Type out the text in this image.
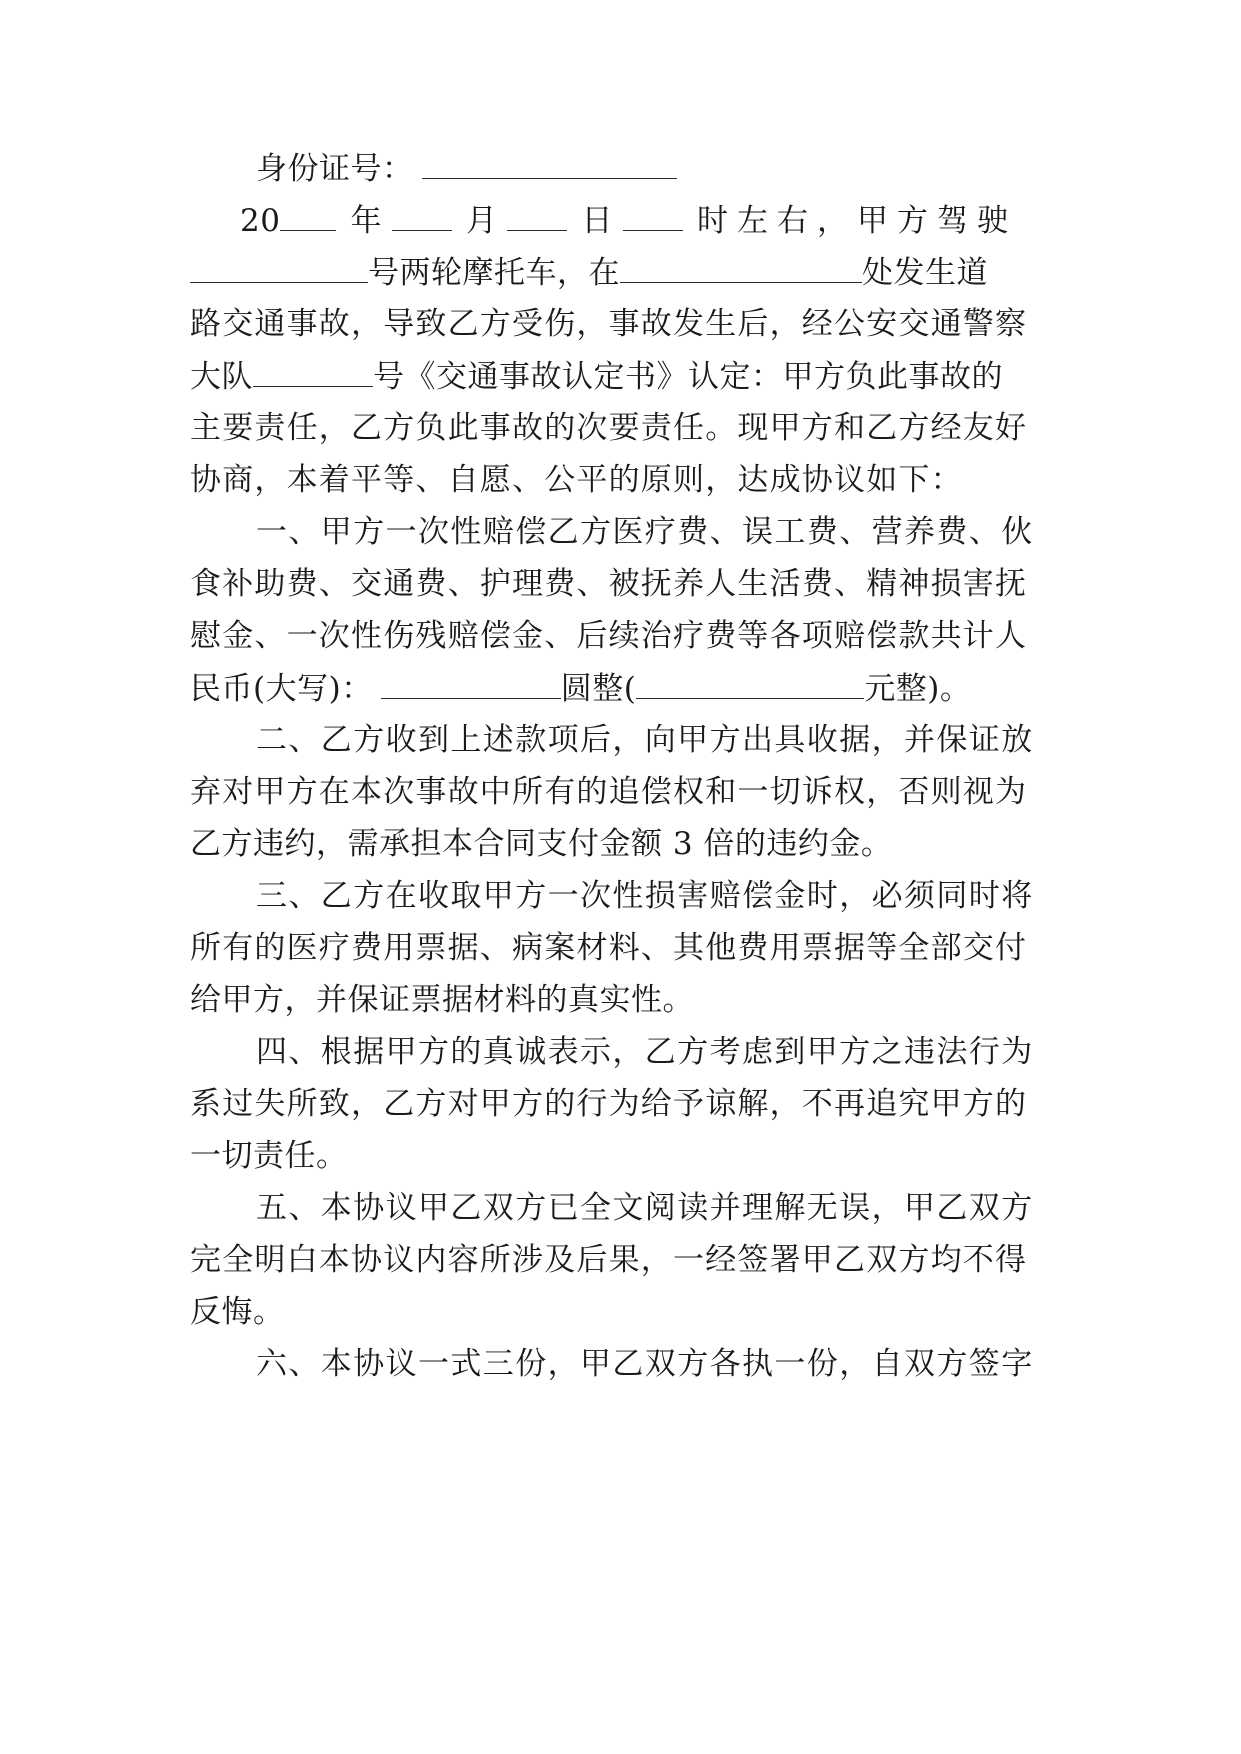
身份证号：
20 年	月	日	时左右，甲方驾驶
号两轮摩托车，在	处发生道
路交通事故，导致乙方受伤，事故发生后，经公安交通警察
大队	号《交通事故认定书》认定：甲方负此事故的
主要责任，乙方负此事故的次要责任。现甲方和乙方经友好
协商，本着平等、自愿、公平的原则，达成协议如下：
一、甲方一次性赔偿乙方医疗费、误工费、营养费、伙
食补助费、交通费、护理费、被抚养人生活费、精神损害抚
慰金、一次性伤残赔偿金、后续治疗费等各项赔偿款共计人
民币(大写)：	圆整(	元整)。
二、乙方收到上述款项后，向甲方出具收据，并保证放
弃对甲方在本次事故中所有的追偿权和一切诉权，否则视为
乙方违约，需承担本合同支付金额 3 倍的违约金。
三、乙方在收取甲方一次性损害赔偿金时，必须同时将
所有的医疗费用票据、病案材料、其他费用票据等全部交付
给甲方，并保证票据材料的真实性。
四、根据甲方的真诚表示，乙方考虑到甲方之违法行为
系过失所致，乙方对甲方的行为给予谅解，不再追究甲方的
一切责任。
五、本协议甲乙双方已全文阅读并理解无误，甲乙双方
完全明白本协议内容所涉及后果，一经签署甲乙双方均不得
反悔。
六、本协议一式三份，甲乙双方各执一份，自双方签字
